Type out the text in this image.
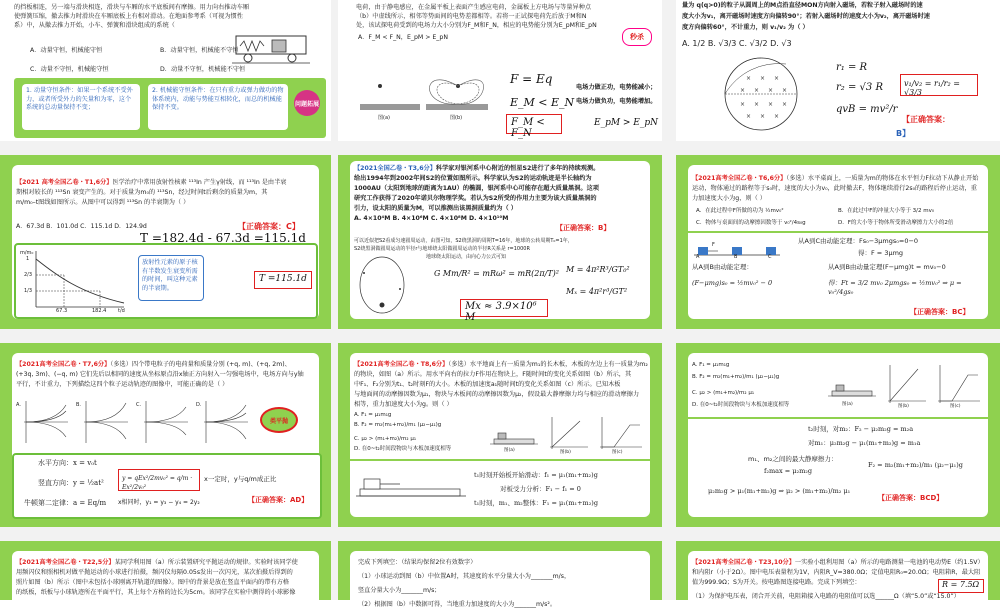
的挡板相连，另一端与滑块相连，滑块与车厢的水平底板间有摩擦。用力向右推动车厢
使弹簧压缩，撤去推力时滑块在车厢底板上有相对滑动。在地面参考系（可视为惯性
系）中，从撤去推力开始，小车、弹簧和滑块组成的系统（
A．动量守恒，机械能守恒	B．动量守恒，机械能不守恒
C．动量不守恒，机械能守恒	D．动量不守恒，机械能不守恒
1. 动量守恒条件：如果一个系统不受外力，或者所受外力的矢量和为零，这个系统的总动量保持不变；
2. 机械能守恒条件：在只有重力或弹力做功的物体系统内，动能与势能互相转化，而总的机械能保持不变。
问题拓展
电荷，由于静电感应，在金属平板上表面产生感应电荷，金属板上方电场与等量异种点
（b）中虚线所示，相邻等势面间的电势差都相等。若将一正试探电荷先后放于M和N
处，该试探电荷受到的电场力大小分别为F_M和F_N，相应的电势能分别为E_pM和E_pN
秒杀
A．F_M < F_N，E_pM > E_pN
图(a)	图(b)
F = Eq
E_M < E_N
F_M < F_N
电场力做正功，电势能减小；
电场力做负功，电势能增加。
E_pM > E_pN
量为 q(q>0)的粒子从圆周上的M点沿直径MON方向射入磁场，若粒子射入磁场时的速
度大小为v₁，离开磁场时速度方向偏转90°；若射入磁场时的速度大小为v₂，离开磁场时速
度方向偏转60°，不计重力，则 v₁/v₂ 为（ ）
A. 1/2 B. √3/3 C. √3/2 D. √3
× × ×
× × × ×
× × × ×
× × ×
r₁ = R
r₂ = √3 R
qvB = mv²/r
v₁/v₂ = r₁/r₂ = √3/3
【正确答案：
B】
【2021 高考全国乙卷・T1,6分】医学治疗中常用放射性核素 ¹¹³In 产生γ射线，而 ¹¹³In 是由半衰
期相对较长的 ¹¹³Sn 衰变产生的。对于质量为m₀的 ¹¹³Sn，经过时间t后剩余的质量为m，其
m/m₀–t图线如图所示。从图中可以得到 ¹¹³Sn 的半衰期为（ ）
A．67.3d B．101.0d C．115.1d D．124.9d	【正确答案：C】
m/m₀
1
2/3
1/3
67.3	182.4 t/d
T =182.4d - 67.3d =115.1d
放射性元素的原子核有半数发生衰变所需的时间，叫这种元素的半衰期。
T =115.1d
【2021全国乙卷・T3,6分】科学家对银河系中心附近的恒星S2进行了多年的持续观测。
给出1994年到2002年间S2的位置如图所示。科学家认为S2的运动轨迹是半长轴约为
1000AU（太阳到地球的距离为1AU）的椭圆，银河系中心可能存在超大质量黑洞。这项
研究工作获得了2020年诺贝尔物理学奖。若认为S2所受的作用力主要为该大质量黑洞的
引力，设太阳的质量为M，可以推测出该黑洞质量约为（ ）
A. 4×10⁴M B. 4×10⁶M C. 4×10⁸M D. 4×10¹⁰M
【正确答案：B】
可以近似把S2看成匀速圆周运动，由图可知，S2绕黑洞的周期T=16年，地球的公转周期T₀=1年，
S2绕黑洞做圆周运动的半径r与地球绕太阳做圆周运动的半径R关系是 r=1000R
地球绕太阳运动，由向心力公式可知
G Mm/R² = mRω² = mR(2π/T)² M = 4π²R³/GT₀²
Mₓ = 4π²r³/GT²
Mx ≈ 3.9×10⁶ M
【2021高考全国乙卷・T6,6分】（多选）水平桌面上，一质量为m的物体在水平恒力F拉动下从静止开始
运动，物体通过的路程等于s₀时，速度的大小为v₀，此时撤去F，物体继续滑行2s₀的路程后停止运动，重
力加速度大小为g，则（ ）
A．在此过程中F所做的功为 ½mv₀²	B．在此过中F的冲量大小等于 3/2 mv₀
C．物体与桌面间的动摩擦因数等于 v₀²/4s₀g	D．F的大小等于物体所受滑动摩擦力大小的2倍
A
F
B	C
从A到C由动能定理：Fs₀−3μmgs₀=0−0
得：F = 3μmg
从A到B由动能定理：	从A到B由动量定理(F−μmg)t = mv₀−0
(F−μmg)s₀ = ½mv₀² − 0	得：Ft = 3/2 mv₀ 2μmgs₀ = ½mv₀² ⇒ μ = v₀²/4gs₀
【正确答案：BC】
【2021高考全国乙卷・T7,6分】（多选）四个带电粒子的电荷量和质量分别 (+q, m)、(+q, 2m)、
(+3q, 3m)、(−q, m) 它们先后以相同的速度从坐标原点沿x轴正方向射入一匀强电场中，电场方向与y轴
平行，不计重力，下列描绘这四个粒子运动轨迹的图像中，可能正确的是（ ）
A.	B.	C.	D.
类平抛
水平方向：x = v₀t
竖直方向：y = ½at²
牛顿第二定律：a = Eq/m
y = qEx²/2mv₀² = q/m · Ex²/2v₀²
x一定时，y与q/m成正比
x相同时，y₁ = y₃ − y₄ = 2y₂	【正确答案：AD】
【2021高考全国乙卷・T8,6分】（多选）水平地面上有一质量为m₁的长木板，木板的左边上有一质量为m₂
的物块，如图（a）所示。用水平向右的拉力F作用在物块上，F随时间t的变化关系如图（b）所示，其
中F₁、F₂分别为t₁、t₂时刻F的大小。木板的加速度a₁随时间t的变化关系如图（c）所示。已知木板
与地面间的动摩擦因数为μ₁，物块与木板间的动摩擦因数为μ₂，假设最大静摩擦力均与相应的滑动摩擦力
相等，重力加速度大小为g。则（ ）
A. F₁ = μ₁m₁g
B. F₂ = m₂(m₁+m₂)/m₁ (μ₂−μ₁)g
C. μ₂ > (m₁+m₂)/m₂ μ₁
D. 在0~t₂时间段物块与木板加速度相等	图(a)	图(b)	图(c)
t₁时刻开始板开始滑动：f₁ = μ₁(m₁+m₂)g
对板受力分析：F₁ − f₁ = 0
t₁时刻，m₁、m₂整体：F₁ = μ₁(m₁+m₂)g
A. F₁ = μ₁m₁g
B. F₂ = m₂(m₁+m₂)/m₁ (μ₂−μ₁)g
C. μ₂ > (m₁+m₂)/m₂ μ₁
D. 在0~t₂时间段物块与木板加速度相等	图(a)	图(b)	图(c)
t₂时刻，对m₂：F₂ − μ₂m₂g = m₂a
对m₁：μ₂m₂g − μ₁(m₁+m₂)g = m₁a
m₁、m₂之间的最大静摩擦力：
f₂max = μ₂m₂g
F₂ = m₂(m₁+m₂)/m₁ (μ₂−μ₁)g
μ₂m₂g > μ₁(m₁+m₂)g ⇒ μ₂ > (m₁+m₂)/m₂ μ₁
【正确答案：BCD】
【2021高考全国乙卷・T22,5分】某同学利用图（a）所示装置研究平抛运动的规律。实验时该同学使
用频闪仪和照相机对做平抛运动的小球进行拍摄，频闪仪每隔0.05s发出一次闪光，某次拍摄后得到的
照片如图（b）所示（图中未包括小球刚离开轨道的图像）。图中的背景是放在竖直平面内的带有方格
的纸板，纸板与小球轨迹所在平面平行，其上每个方格的边长为5cm。该同学在实验中测得的小球影像
完成下列填空：（结果均保留2位有效数字）
（1）小球运动到图（b）中位置A时，其速度的水平分量大小为_______m/s，
竖直分量大小为_______m/s；
（2）根据图（b）中数据可得，当地重力加速度的大小为_______m/s²。
【2021高考全国乙卷・T23,10分】一实验小组利用图（a）所示的电路测量一电池的电动势E（约1.5V）
和内阻r（小于2Ω）。图中电压表量程为1V，内阻R_V=380.0Ω；定值电阻R₀=20.0Ω；电阻箱R，最大阻
值为999.9Ω；S为开关。按电路图连接电路。完成下列填空：	R = 7.5Ω
（1）为保护电压表，闭合开关前，电阻箱接入电路的电阻值可以选______Ω（填“5.0”或“15.0”）
